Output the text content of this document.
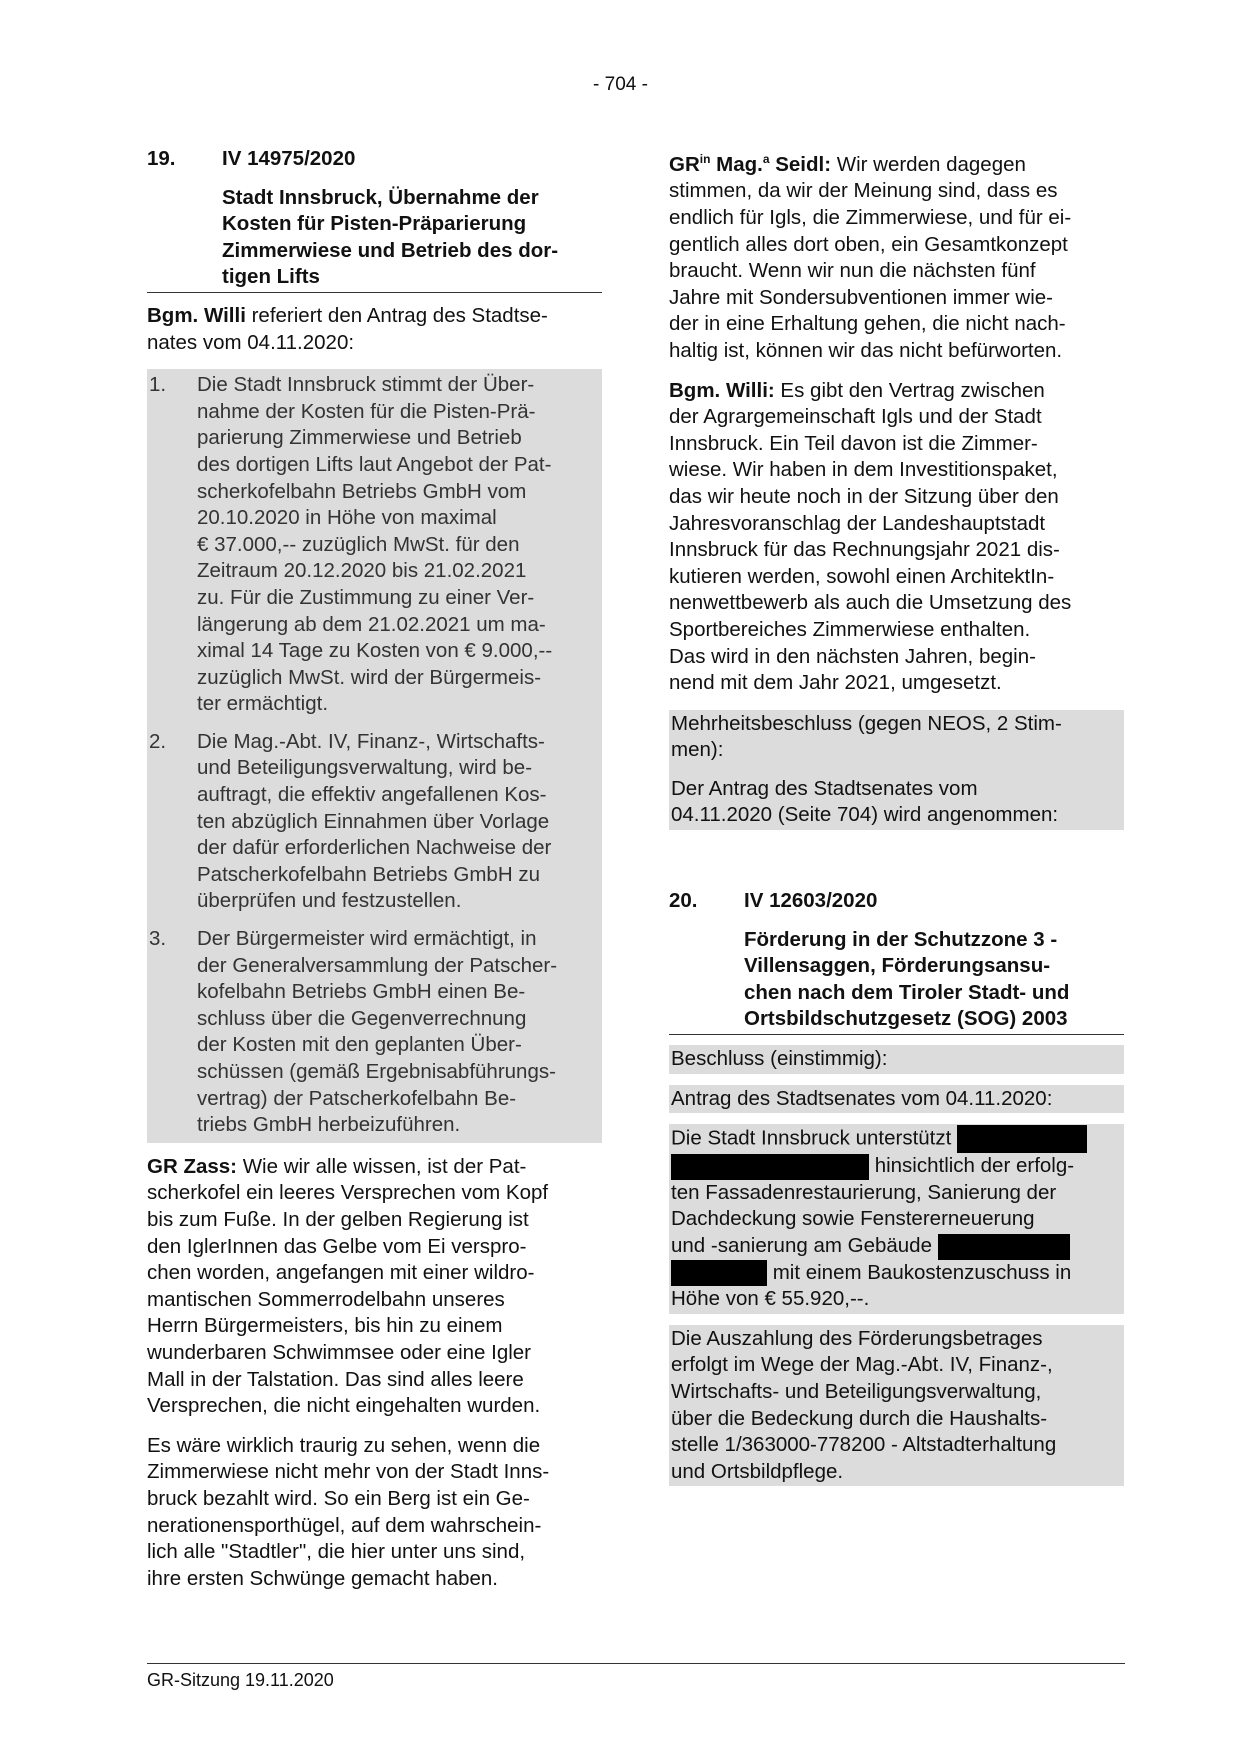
- 704 -
19.	IV 14975/2020
Stadt Innsbruck, Übernahme der
Kosten für Pisten-Präparierung
Zimmerwiese und Betrieb des dor-
tigen Lifts
Bgm. Willi referiert den Antrag des Stadtse-
nates vom 04.11.2020:
1.	Die Stadt Innsbruck stimmt der Über-
nahme der Kosten für die Pisten-Prä-
parierung Zimmerwiese und Betrieb
des dortigen Lifts laut Angebot der Pat-
scherkofelbahn Betriebs GmbH vom
20.10.2020 in Höhe von maximal
€ 37.000,-- zuzüglich MwSt. für den
Zeitraum 20.12.2020 bis 21.02.2021
zu. Für die Zustimmung zu einer Ver-
längerung ab dem 21.02.2021 um ma-
ximal 14 Tage zu Kosten von € 9.000,--
zuzüglich MwSt. wird der Bürgermeis-
ter ermächtigt.
2.	Die Mag.-Abt. IV, Finanz-, Wirtschafts-
und Beteiligungsverwaltung, wird be-
auftragt, die effektiv angefallenen Kos-
ten abzüglich Einnahmen über Vorlage
der dafür erforderlichen Nachweise der
Patscherkofelbahn Betriebs GmbH zu
überprüfen und festzustellen.
3.	Der Bürgermeister wird ermächtigt, in
der Generalversammlung der Patscher-
kofelbahn Betriebs GmbH einen Be-
schluss über die Gegenverrechnung
der Kosten mit den geplanten Über-
schüssen (gemäß Ergebnisabführungs-
vertrag) der Patscherkofelbahn Be-
triebs GmbH herbeizuführen.
GR Zass: Wie wir alle wissen, ist der Pat-
scherkofel ein leeres Versprechen vom Kopf
bis zum Fuße. In der gelben Regierung ist
den IglerInnen das Gelbe vom Ei verspro-
chen worden, angefangen mit einer wildro-
mantischen Sommerrodelbahn unseres
Herrn Bürgermeisters, bis hin zu einem
wunderbaren Schwimmsee oder eine Igler
Mall in der Talstation. Das sind alles leere
Versprechen, die nicht eingehalten wurden.
Es wäre wirklich traurig zu sehen, wenn die
Zimmerwiese nicht mehr von der Stadt Inns-
bruck bezahlt wird. So ein Berg ist ein Ge-
nerationensporthügel, auf dem wahrschein-
lich alle "Stadtler", die hier unter uns sind,
ihre ersten Schwünge gemacht haben.
$GR^{in}$ Mag.$^a$ Seidl: Wir werden dagegen
stimmen, da wir der Meinung sind, dass es
endlich für Igls, die Zimmerwiese, und für ei-
gentlich alles dort oben, ein Gesamtkonzept
braucht. Wenn wir nun die nächsten fünf
Jahre mit Sondersubventionen immer wie-
der in eine Erhaltung gehen, die nicht nach-
haltig ist, können wir das nicht befürworten.
Bgm. Willi: Es gibt den Vertrag zwischen
der Agrargemeinschaft Igls und der Stadt
Innsbruck. Ein Teil davon ist die Zimmer-
wiese. Wir haben in dem Investitionspaket,
das wir heute noch in der Sitzung über den
Jahresvoranschlag der Landeshauptstadt
Innsbruck für das Rechnungsjahr 2021 dis-
kutieren werden, sowohl einen ArchitektIn-
nenwettbewerb als auch die Umsetzung des
Sportbereiches Zimmerwiese enthalten.
Das wird in den nächsten Jahren, begin-
nend mit dem Jahr 2021, umgesetzt.
Mehrheitsbeschluss (gegen NEOS, 2 Stim-
men):
Der Antrag des Stadtsenates vom
04.11.2020 (Seite 704) wird angenommen:
20.	IV 12603/2020
Förderung in der Schutzzone 3 -
Villensaggen, Förderungsansu-
chen nach dem Tiroler Stadt- und
Ortsbildschutzgesetz (SOG) 2003
Beschluss (einstimmig):
Antrag des Stadtsenates vom 04.11.2020:
Die Stadt Innsbruck unterstützt
hinsichtlich der erfolg-
ten Fassadenrestaurierung, Sanierung der
Dachdeckung sowie Fenstererneuerung
und -sanierung am Gebäude
mit einem Baukostenzuschuss in
Höhe von € 55.920,--.
Die Auszahlung des Förderungsbetrages
erfolgt im Wege der Mag.-Abt. IV, Finanz-,
Wirtschafts- und Beteiligungsverwaltung,
über die Bedeckung durch die Haushalts-
stelle 1/363000-778200 - Altstadterhaltung
und Ortsbildpflege.
GR-Sitzung 19.11.2020
